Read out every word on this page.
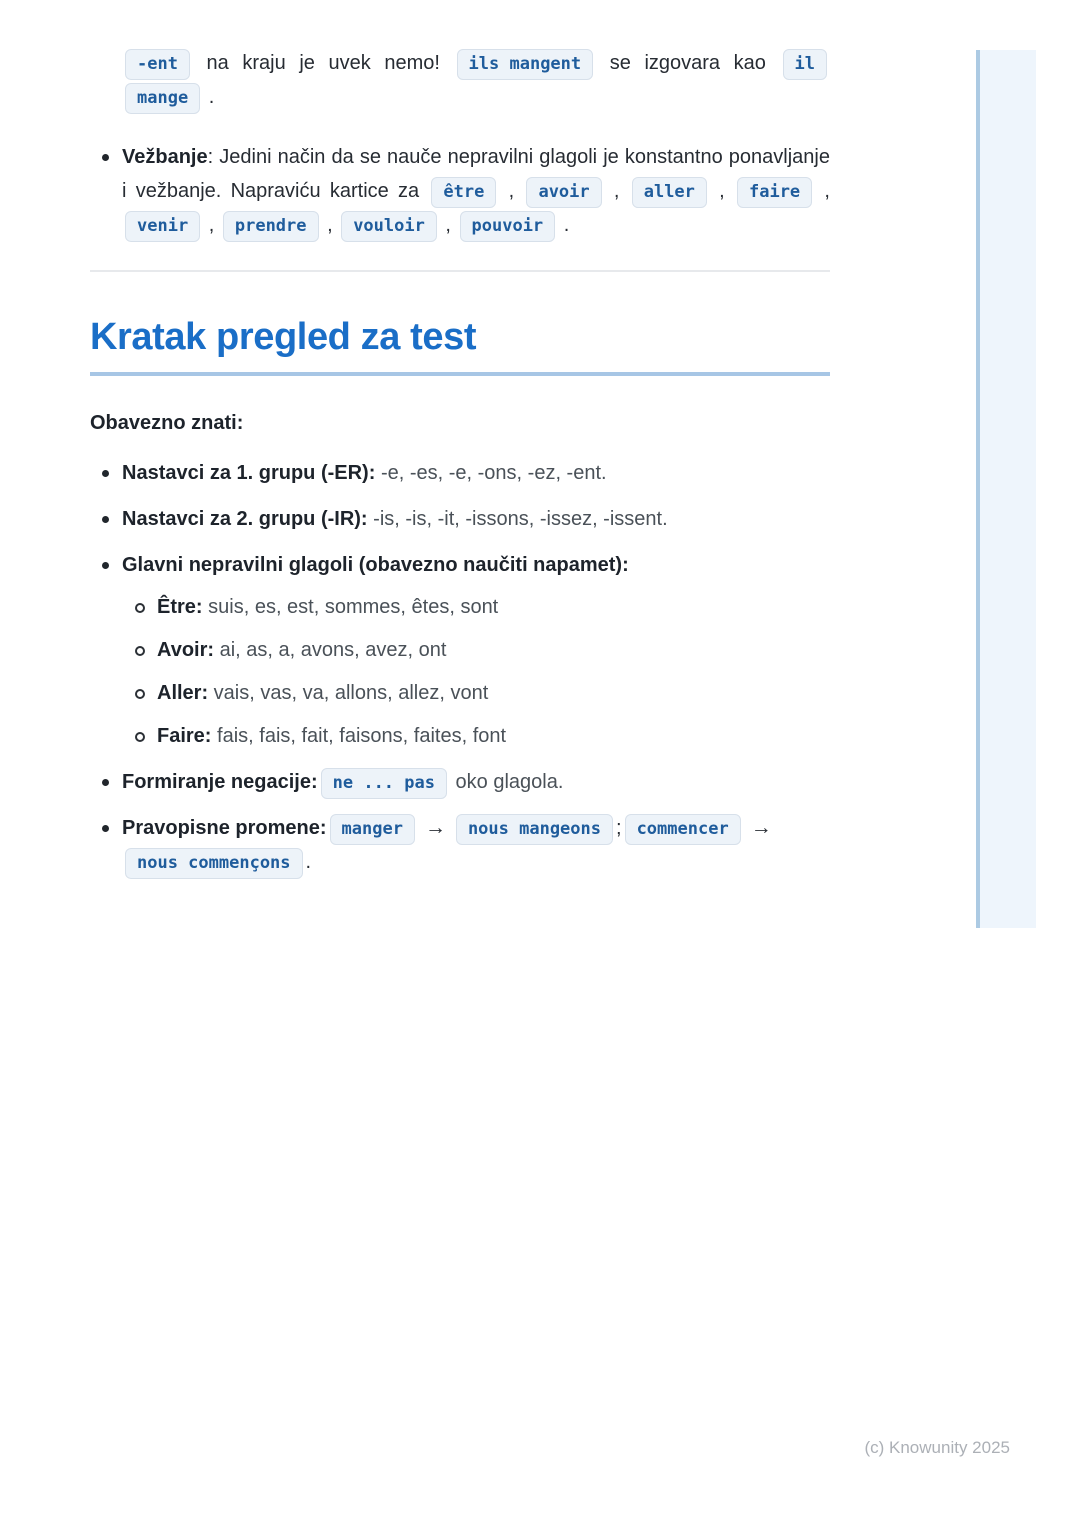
-ent na kraju je uvek nemo! ils mangent se izgovara kao il mange .

Vežbanje: Jedini način da se nauče nepravilni glagoli je konstantno ponavljanje i vežbanje. Napraviću kartice za être , avoir , aller , faire , venir , prendre , vouloir , pouvoir .
Kratak pregled za test

Obavezno znati:

Nastavci za 1. grupu (-ER): -e, -es, -e, -ons, -ez, -ent.
Nastavci za 2. grupu (-IR): -is, -is, -it, -issons, -issez, -issent.
Glavni nepravilni glagoli (obavezno naučiti napamet):
Être: suis, es, est, sommes, êtes, sont
Avoir: ai, as, a, avons, avez, ont
Aller: vais, vas, va, allons, allez, vont
Faire: fais, fais, fait, faisons, faites, font
Formiranje negacije: ne ... pas oko glagola.
Pravopisne promene: manger → nous mangeons ; commencer →nous commençons .
(c) Knowunity 2025
